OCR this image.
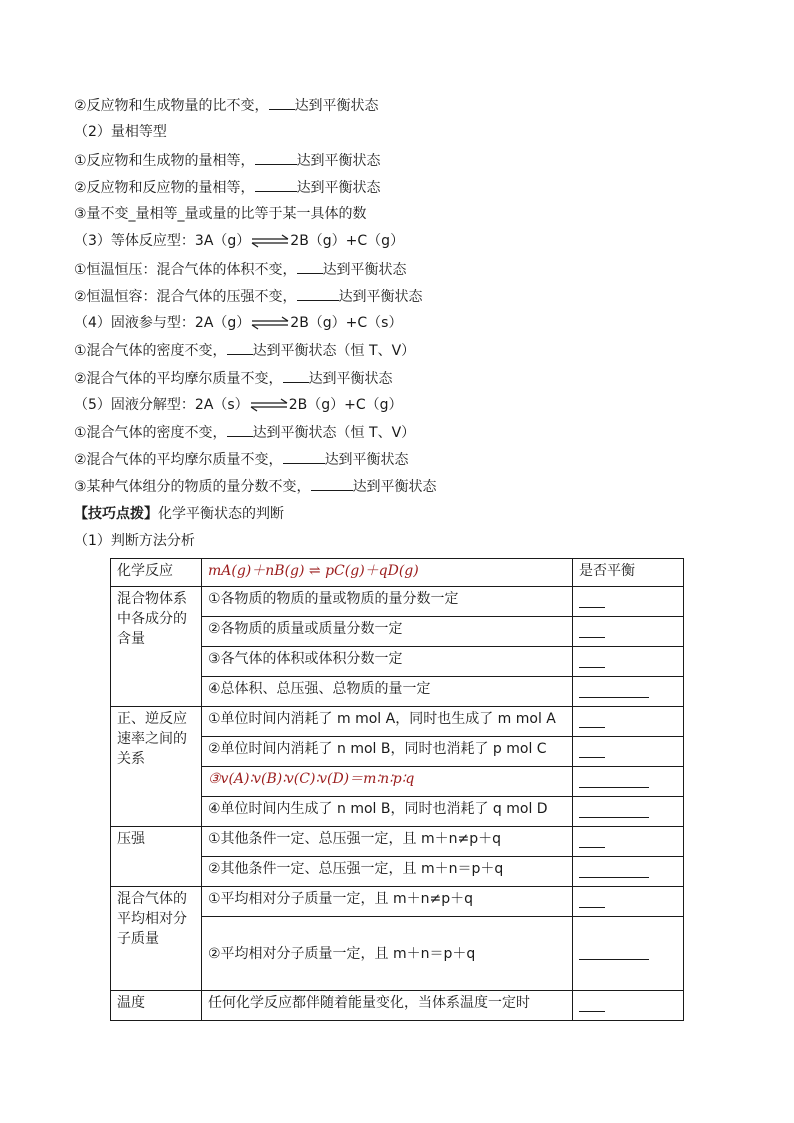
②反应物和生成物量的比不变， 达到平衡状态
（2）量相等型
①反应物和生成物的量相等，	达到平衡状态
②反应物和反应物的量相等，	达到平衡状态
③量不变_量相等_量或量的比等于某一具体的数
（3）等体反应型：3A（g）⇌2B（g）+C（g）
①恒温恒压：混合气体的体积不变， 达到平衡状态
②恒温恒容：混合气体的压强不变，	达到平衡状态
（4）固液参与型：2A（g）⇌2B（g）+C（s）
①混合气体的密度不变， 达到平衡状态（恒 T、V）
②混合气体的平均摩尔质量不变， 达到平衡状态
（5）固液分解型：2A（s）⇌2B（g）+C（g）
①混合气体的密度不变， 达到平衡状态（恒 T、V）
②混合气体的平均摩尔质量不变，	达到平衡状态
③某种气体组分的物质的量分数不变，	达到平衡状态
【技巧点拨】化学平衡状态的判断
（1）判断方法分析
化学反应	mA(g)＋nB(g) ⇌ pC(g)＋qD(g)	是否平衡
混合物体系中各成分的含量	①各物质的物质的量或物质的量分数一定	
	②各物质的质量或质量分数一定	
	③各气体的体积或体积分数一定	
	④总体积、总压强、总物质的量一定	
正、逆反应速率之间的关系	①单位时间内消耗了 m mol A，同时也生成了 m mol A	
	②单位时间内消耗了 n mol B，同时也消耗了 p mol C	
	③v(A)∶v(B)∶v(C)∶v(D)＝m∶n∶p∶q	
	④单位时间内生成了 n mol B，同时也消耗了 q mol D	
压强	①其他条件一定、总压强一定，且 m＋n≠p＋q	
	②其他条件一定、总压强一定，且 m＋n＝p＋q	
混合气体的平均相对分子质量	①平均相对分子质量一定，且 m＋n≠p＋q	
	②平均相对分子质量一定，且 m＋n＝p＋q	
温度	任何化学反应都伴随着能量变化，当体系温度一定时	
